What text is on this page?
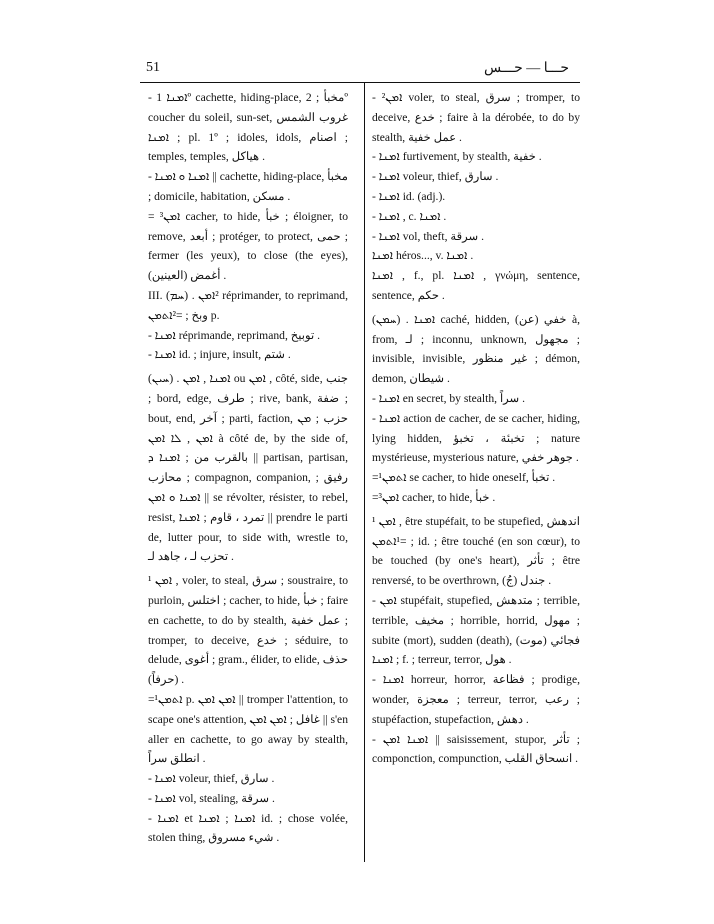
51	حـــا — حـــس
- ܐܡܢܐ 1º cachette, hiding-place, مخبأ ; 2º coucher du soleil, sun-set, غروب الشمس ; ܐܡܢܐ pl. 1º ; idoles, idols, اصنام ; temples, temples, هياكل .
- ܐܡܢܐ ܘ ܐܡܢܐ || cachette, hiding-place, مخبأ ; domicile, habitation, مسكن .
= ³ܐܡܢ cacher, to hide, خبأ ; éloigner, to remove, أبعد ; protéger, to protect, حمى ; fermer (les yeux), to close (the eyes), أغمض (العينين) .
III. (ܚܡ) . ²ܐܡܢ réprimander, to reprimand, وبخ ; =²ܐܬܡܢ p.
- ܐܡܢܐ réprimande, reprimand, توبيخ .
- ܐܡܢܐ id. ; injure, insult, شتم .
(ܚܝܢ) . ܐܡܢܐ , ܐܡܢ ou ܐܡܢ , côté, side, جنب ; bord, edge, طرف ; rive, bank, ضفة ; bout, end, آخر ; parti, faction, حزب ; ܡܢ ܐܡܢ , ܠܐ ܐܡܢ à côté de, by the side of, بالقرب من ; ܐܡܢܐ ܕ || partisan, partisan, محازب ; compagnon, companion, رفيق ; ܐܡܢܐ ܘ ܐܡܢ || se révolter, résister, to rebel, resist, تمرد ، قاوم ; ܐܡܢܐ || prendre le parti de, lutter pour, to side with, wrestle to, تحزب لـ ، جاهد لـ .
¹ ܐܡܢ , voler, to steal, سرق ; soustraire, to purloin, اختلس ; cacher, to hide, خبأ ; faire en cachette, to do by stealth, عمل خفية ; tromper, to deceive, خدع ; séduire, to delude, أغوى ; gram., élider, to elide, حذف (حرفاً) .
=¹ܐܬܡܢ p. ܐܡܢ ܐܡܢ || tromper l'attention, to scape one's attention, غافل ; ܐܡܢ ܐܡܢ || s'en aller en cachette, to go away by stealth, انطلق سراً .
- ܐܡܢܐ voleur, thief, سارق .
- ܐܡܢܐ vol, stealing, سرقة .
- ܐܡܢܐ et ܐܡܢܐ ; ܐܡܢܐ id. ; chose volée, stolen thing, شيء مسروق .
- ²ܐܡܢ voler, to steal, سرق ; tromper, to deceive, خدع ; faire à la dérobée, to do by stealth, عمل خفية .
- ܐܡܢܐ furtivement, by stealth, خفية .
- ܐܡܢܐ voleur, thief, سارق .
- ܐܡܢܐ id. (adj.).
- ܐܡܢܐ , c. ܐܡܢܐ .
- ܐܡܢܐ vol, theft, سرقة .
ܐܡܢܐ héros..., v. ܐܡܢܐ .
ܐܡܢܐ , f., pl. ܐܡܢܐ , γνώμη, sentence, sentence, حكم .
(ܚܡܢ) . ܐܡܢܐ caché, hidden, خفي (عن) à, from, لـ ; inconnu, unknown, مجهول ; invisible, invisible, غير منظور ; démon, demon, شيطان .
- ܐܡܢܐ en secret, by stealth, سراً .
- ܐܡܢܐ action de cacher, de se cacher, hiding, lying hidden, تخبئة ، تخبؤ ; nature mystérieuse, mysterious nature, جوهر خفي .
=¹ܐܬܡܢ se cacher, to hide oneself, تخبأ .
=³ܐܡܢ cacher, to hide, خبأ .
¹ ܐܡܢ , être stupéfait, to be stupefied, اندهش ; =¹ܐܬܡܢ id. ; être touché (en son cœur), to be touched (by one's heart), تأثر ; être renversé, to be overthrown, جندل (جُ) .
- ܐܡܢ stupéfait, stupefied, متدهش ; terrible, terrible, مخيف ; horrible, horrid, مهول ; subite (mort), sudden (death), فجائي (موت) ; ܐܡܢܐ f. ; terreur, terror, هول .
- ܐܡܢܐ horreur, horror, فظاعة ; prodige, wonder, معجزة ; terreur, terror, رعب ; stupéfaction, stupefaction, دهش .
- ܐܡܢܐ ܐܡܢ || saisissement, stupor, تأثر ; componction, compunction, انسحاق القلب .
